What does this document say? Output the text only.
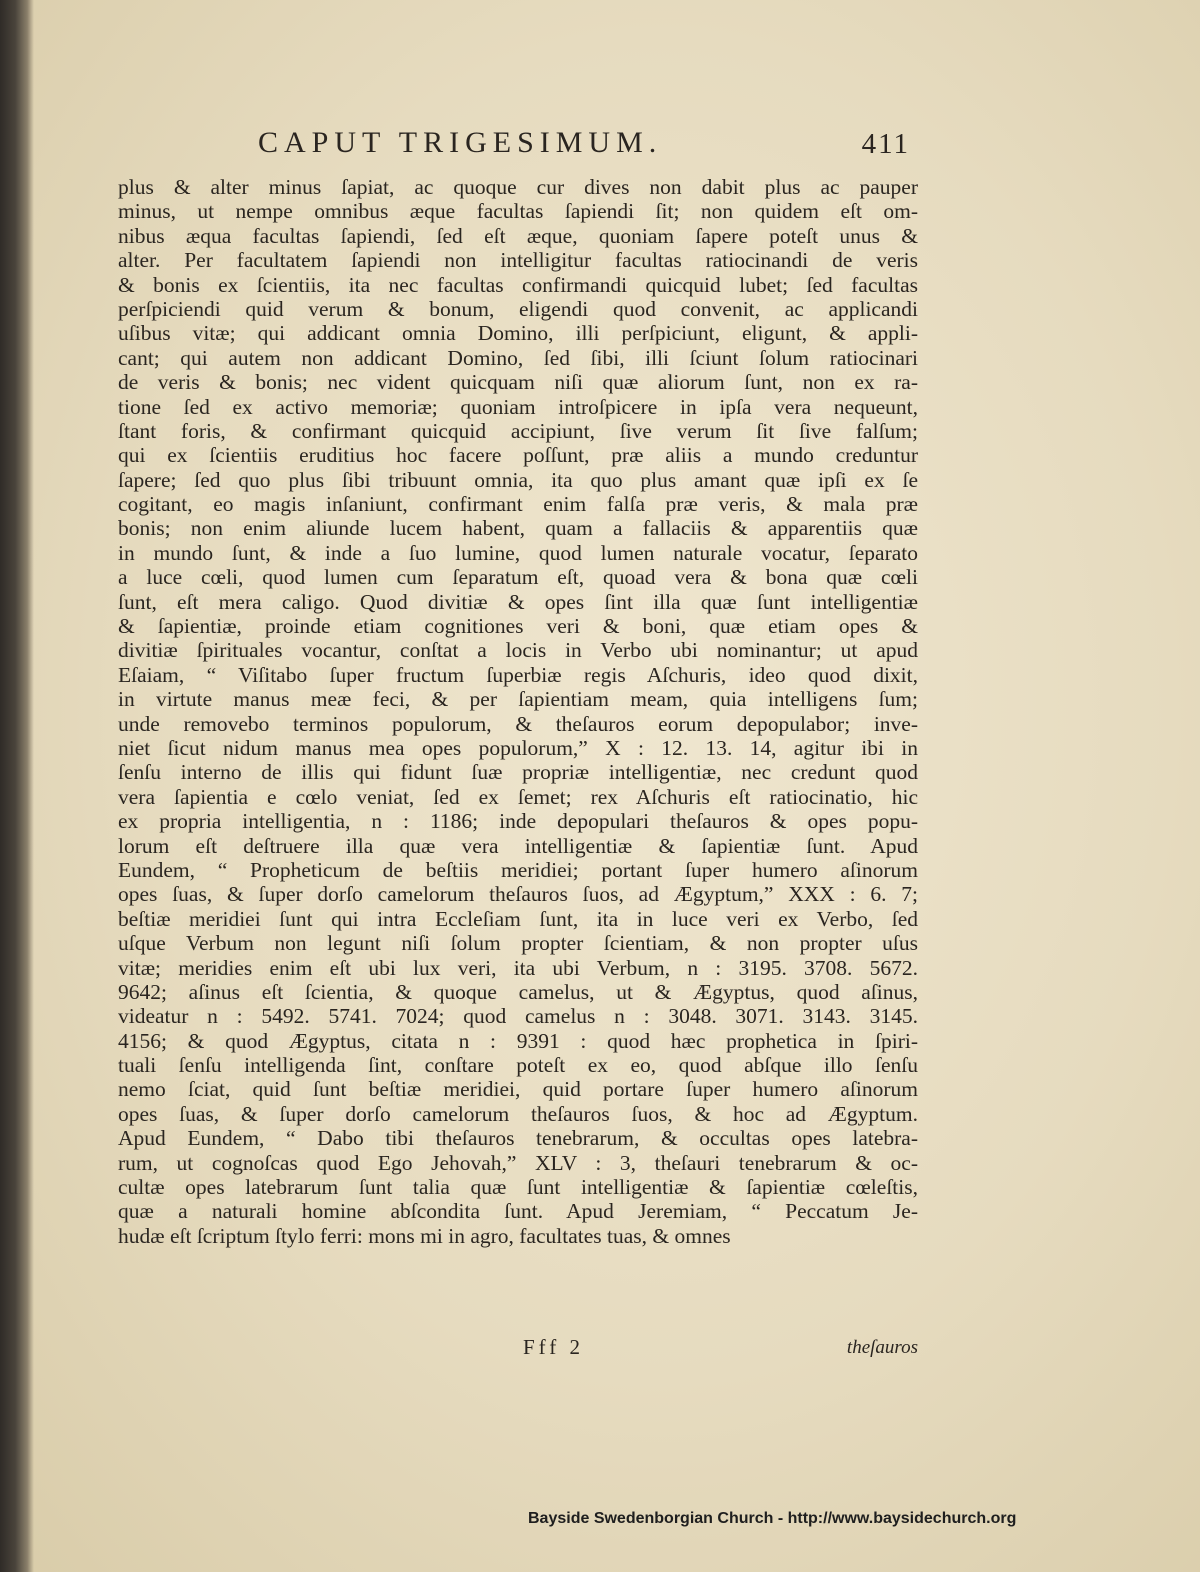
CAPUT TRIGESIMUM.	411
plus & alter minus ſapiat, ac quoque cur dives non dabit plus ac pauper
minus, ut nempe omnibus æque facultas ſapiendi ſit; non quidem eſt om-
nibus æqua facultas ſapiendi, ſed eſt æque, quoniam ſapere poteſt unus &
alter. Per facultatem ſapiendi non intelligitur facultas ratiocinandi de veris
& bonis ex ſcientiis, ita nec facultas confirmandi quicquid lubet; ſed facultas
perſpiciendi quid verum & bonum, eligendi quod convenit, ac applicandi
uſibus vitæ; qui addicant omnia Domino, illi perſpiciunt, eligunt, & appli-
cant; qui autem non addicant Domino, ſed ſibi, illi ſciunt ſolum ratiocinari
de veris & bonis; nec vident quicquam niſi quæ aliorum ſunt, non ex ra-
tione ſed ex activo memoriæ; quoniam introſpicere in ipſa vera nequeunt,
ſtant foris, & confirmant quicquid accipiunt, ſive verum ſit ſive falſum;
qui ex ſcientiis eruditius hoc facere poſſunt, præ aliis a mundo creduntur
ſapere; ſed quo plus ſibi tribuunt omnia, ita quo plus amant quæ ipſi ex ſe
cogitant, eo magis inſaniunt, confirmant enim falſa præ veris, & mala præ
bonis; non enim aliunde lucem habent, quam a fallaciis & apparentiis quæ
in mundo ſunt, & inde a ſuo lumine, quod lumen naturale vocatur, ſeparato
a luce cœli, quod lumen cum ſeparatum eſt, quoad vera & bona quæ cœli
ſunt, eſt mera caligo. Quod divitiæ & opes ſint illa quæ ſunt intelligentiæ
& ſapientiæ, proinde etiam cognitiones veri & boni, quæ etiam opes &
divitiæ ſpirituales vocantur, conſtat a locis in Verbo ubi nominantur; ut apud
Eſaiam, “ Viſitabo ſuper fructum ſuperbiæ regis Aſchuris, ideo quod dixit,
in virtute manus meæ feci, & per ſapientiam meam, quia intelligens ſum;
unde removebo terminos populorum, & theſauros eorum depopulabor; inve-
niet ſicut nidum manus mea opes populorum,” X : 12. 13. 14, agitur ibi in
ſenſu interno de illis qui fidunt ſuæ propriæ intelligentiæ, nec credunt quod
vera ſapientia e cœlo veniat, ſed ex ſemet; rex Aſchuris eſt ratiocinatio, hic
ex propria intelligentia, n : 1186; inde depopulari theſauros & opes popu-
lorum eſt deſtruere illa quæ vera intelligentiæ & ſapientiæ ſunt. Apud
Eundem, “ Propheticum de beſtiis meridiei; portant ſuper humero aſinorum
opes ſuas, & ſuper dorſo camelorum theſauros ſuos, ad Ægyptum,” XXX : 6. 7;
beſtiæ meridiei ſunt qui intra Eccleſiam ſunt, ita in luce veri ex Verbo, ſed
uſque Verbum non legunt niſi ſolum propter ſcientiam, & non propter uſus
vitæ; meridies enim eſt ubi lux veri, ita ubi Verbum, n : 3195. 3708. 5672.
9642; aſinus eſt ſcientia, & quoque camelus, ut & Ægyptus, quod aſinus,
videatur n : 5492. 5741. 7024; quod camelus n : 3048. 3071. 3143. 3145.
4156; & quod Ægyptus, citata n : 9391 : quod hæc prophetica in ſpiri-
tuali ſenſu intelligenda ſint, conſtare poteſt ex eo, quod abſque illo ſenſu
nemo ſciat, quid ſunt beſtiæ meridiei, quid portare ſuper humero aſinorum
opes ſuas, & ſuper dorſo camelorum theſauros ſuos, & hoc ad Ægyptum.
Apud Eundem, “ Dabo tibi theſauros tenebrarum, & occultas opes latebra-
rum, ut cognoſcas quod Ego Jehovah,” XLV : 3, theſauri tenebrarum & oc-
cultæ opes latebrarum ſunt talia quæ ſunt intelligentiæ & ſapientiæ cœleſtis,
quæ a naturali homine abſcondita ſunt. Apud Jeremiam, “ Peccatum Je-
hudæ eſt ſcriptum ſtylo ferri: mons mi in agro, facultates tuas, & omnes
Fff 2	theſauros
Bayside Swedenborgian Church - http://www.baysidechurch.org
